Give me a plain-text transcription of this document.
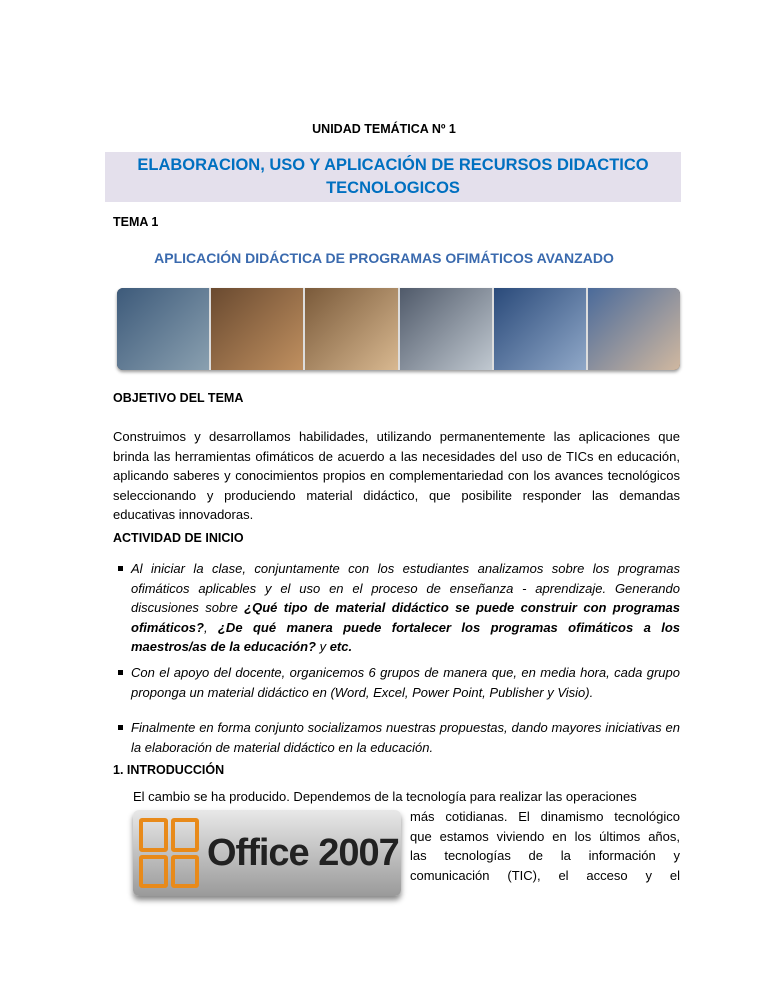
UNIDAD TEMÁTICA Nº 1
ELABORACION, USO Y APLICACIÓN DE RECURSOS DIDACTICO
TECNOLOGICOS
TEMA 1
APLICACIÓN DIDÁCTICA DE PROGRAMAS OFIMÁTICOS AVANZADO
OBJETIVO DEL TEMA
Construimos y desarrollamos habilidades, utilizando permanentemente las aplicaciones que brinda las herramientas ofimáticos de acuerdo a las necesidades del uso de TICs en educación, aplicando saberes y conocimientos propios en complementariedad con los avances tecnológicos seleccionando y produciendo material didáctico, que posibilite responder las demandas educativas innovadoras.
ACTIVIDAD DE INICIO
Al iniciar la clase, conjuntamente con los estudiantes analizamos sobre los programas ofimáticos aplicables y el uso en el proceso de enseñanza - aprendizaje. Generando discusiones sobre ¿Qué tipo de material didáctico se puede construir con programas ofimáticos?, ¿De qué manera puede fortalecer los programas ofimáticos a los maestros/as de la educación? y etc.
Con el apoyo del docente, organicemos 6 grupos de manera que, en media hora, cada grupo proponga un material didáctico en (Word, Excel, Power Point, Publisher y Visio).
Finalmente en forma conjunto socializamos nuestras propuestas, dando mayores iniciativas en la elaboración de material didáctico en la educación.
1. INTRODUCCIÓN
El cambio se ha producido. Dependemos de la tecnología para realizar las operaciones
Office 2007
más cotidianas. El dinamismo tecnológico
que estamos viviendo en los últimos años,
las tecnologías de la información y
comunicación (TIC), el acceso y el
